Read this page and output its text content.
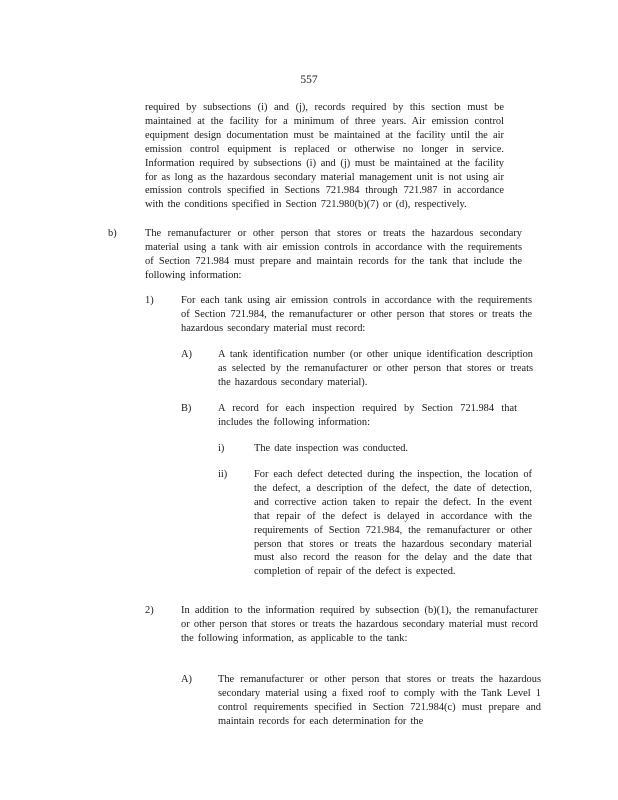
557
required by subsections (i) and (j), records required by this section must be maintained at the facility for a minimum of three years. Air emission control equipment design documentation must be maintained at the facility until the air emission control equipment is replaced or otherwise no longer in service. Information required by subsections (i) and (j) must be maintained at the facility for as long as the hazardous secondary material management unit is not using air emission controls specified in Sections 721.984 through 721.987 in accordance with the conditions specified in Section 721.980(b)(7) or (d), respectively.
b)	The remanufacturer or other person that stores or treats the hazardous secondary material using a tank with air emission controls in accordance with the requirements of Section 721.984 must prepare and maintain records for the tank that include the following information:
1)	For each tank using air emission controls in accordance with the requirements of Section 721.984, the remanufacturer or other person that stores or treats the hazardous secondary material must record:
A)	A tank identification number (or other unique identification description as selected by the remanufacturer or other person that stores or treats the hazardous secondary material).
B)	A record for each inspection required by Section 721.984 that includes the following information:
i)	The date inspection was conducted.
ii)	For each defect detected during the inspection, the location of the defect, a description of the defect, the date of detection, and corrective action taken to repair the defect. In the event that repair of the defect is delayed in accordance with the requirements of Section 721.984, the remanufacturer or other person that stores or treats the hazardous secondary material must also record the reason for the delay and the date that completion of repair of the defect is expected.
2)	In addition to the information required by subsection (b)(1), the remanufacturer or other person that stores or treats the hazardous secondary material must record the following information, as applicable to the tank:
A)	The remanufacturer or other person that stores or treats the hazardous secondary material using a fixed roof to comply with the Tank Level 1 control requirements specified in Section 721.984(c) must prepare and maintain records for each determination for the
